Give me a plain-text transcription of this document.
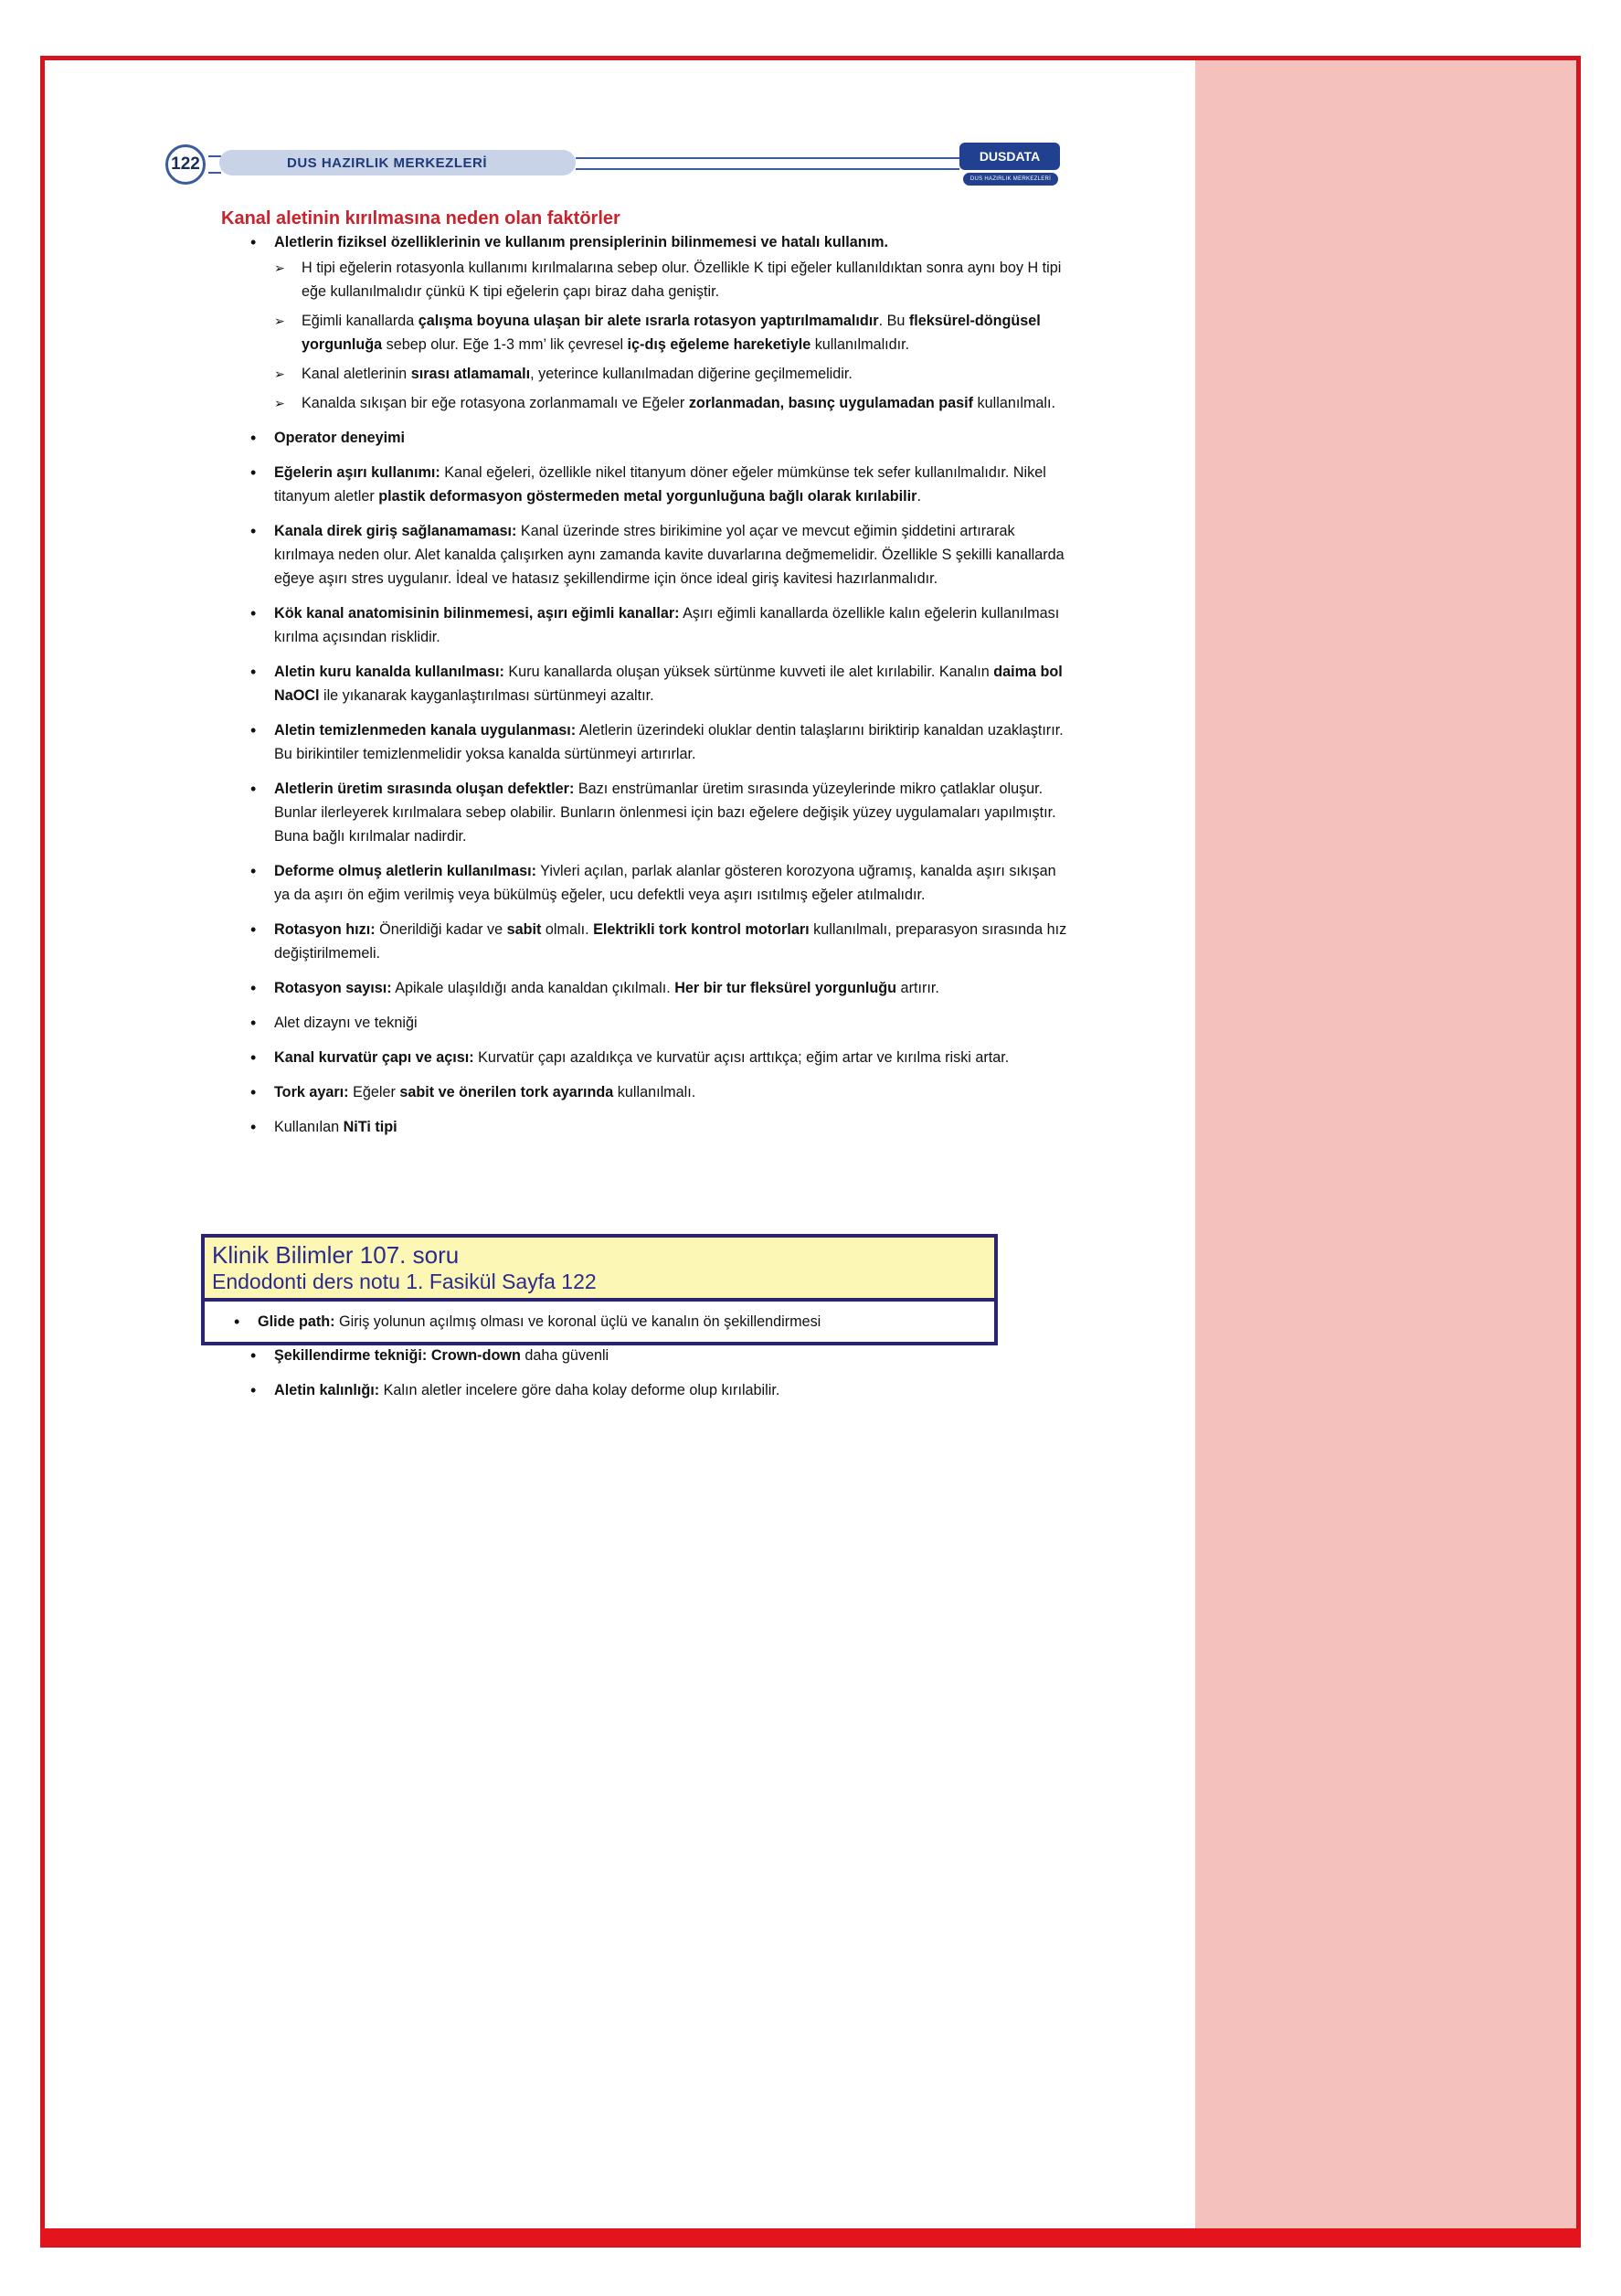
122	DUS HAZIRLIK MERKEZLERİ	DUSDATA
DUS HAZIRLIK MERKEZLERİ
Kanal aletinin kırılmasına neden olan faktörler
• Aletlerin fiziksel özelliklerinin ve kullanım prensiplerinin bilinmemesi ve hatalı kullanım.
➢ H tipi eğelerin rotasyonla kullanımı kırılmalarına sebep olur. Özellikle K tipi eğeler kullanıldıktan sonra aynı boy H tipi eğe kullanılmalıdır çünkü K tipi eğelerin çapı biraz daha geniştir.
➢ Eğimli kanallarda çalışma boyuna ulaşan bir alete ısrarla rotasyon yaptırılmamalıdır. Bu fleksürel-döngüsel yorgunluğa sebep olur. Eğe 1-3 mm’ lik çevresel iç-dış eğeleme hareketiyle kullanılmalıdır.
➢ Kanal aletlerinin sırası atlamamalı, yeterince kullanılmadan diğerine geçilmemelidir.
➢ Kanalda sıkışan bir eğe rotasyona zorlanmamalı ve Eğeler zorlanmadan, basınç uygulamadan pasif kullanılmalı.
• Operator deneyimi
• Eğelerin aşırı kullanımı: Kanal eğeleri, özellikle nikel titanyum döner eğeler mümkünse tek sefer kullanılmalıdır. Nikel titanyum aletler plastik deformasyon göstermeden metal yorgunluğuna bağlı olarak kırılabilir.
• Kanala direk giriş sağlanamaması: Kanal üzerinde stres birikimine yol açar ve mevcut eğimin şiddetini artırarak kırılmaya neden olur. Alet kanalda çalışırken aynı zamanda kavite duvarlarına değmemelidir. Özellikle S şekilli kanallarda eğeye aşırı stres uygulanır. İdeal ve hatasız şekillendirme için önce ideal giriş kavitesi hazırlanmalıdır.
• Kök kanal anatomisinin bilinmemesi, aşırı eğimli kanallar: Aşırı eğimli kanallarda özellikle kalın eğelerin kullanılması kırılma açısından risklidir.
• Aletin kuru kanalda kullanılması: Kuru kanallarda oluşan yüksek sürtünme kuvveti ile alet kırılabilir. Kanalın daima bol NaOCl ile yıkanarak kayganlaştırılması sürtünmeyi azaltır.
• Aletin temizlenmeden kanala uygulanması: Aletlerin üzerindeki oluklar dentin talaşlarını biriktirip kanaldan uzaklaştırır. Bu birikintiler temizlenmelidir yoksa kanalda sürtünmeyi artırırlar.
• Aletlerin üretim sırasında oluşan defektler: Bazı enstrümanlar üretim sırasında yüzeylerinde mikro çatlaklar oluşur. Bunlar ilerleyerek kırılmalara sebep olabilir. Bunların önlenmesi için bazı eğelere değişik yüzey uygulamaları yapılmıştır. Buna bağlı kırılmalar nadirdir.
• Deforme olmuş aletlerin kullanılması: Yivleri açılan, parlak alanlar gösteren korozyona uğramış, kanalda aşırı sıkışan ya da aşırı ön eğim verilmiş veya bükülmüş eğeler, ucu defektli veya aşırı ısıtılmış eğeler atılmalıdır.
• Rotasyon hızı: Önerildiği kadar ve sabit olmalı. Elektrikli tork kontrol motorları kullanılmalı, preparasyon sırasında hız değiştirilmemeli.
• Rotasyon sayısı: Apikale ulaşıldığı anda kanaldan çıkılmalı. Her bir tur fleksürel yorgunluğu artırır.
• Alet dizaynı ve tekniği
• Kanal kurvatür çapı ve açısı: Kurvatür çapı azaldıkça ve kurvatür açısı arttıkça; eğim artar ve kırılma riski artar.
• Tork ayarı: Eğeler sabit ve önerilen tork ayarında kullanılmalı.
• Kullanılan NiTi tipi
Klinik Bilimler 107. soru
Endodonti ders notu 1. Fasikül Sayfa 122
• Glide path: Giriş yolunun açılmış olması ve koronal üçlü ve kanalın ön şekillendirmesi
• Şekillendirme tekniği: Crown-down daha güvenli
• Aletin kalınlığı: Kalın aletler incelere göre daha kolay deforme olup kırılabilir.
